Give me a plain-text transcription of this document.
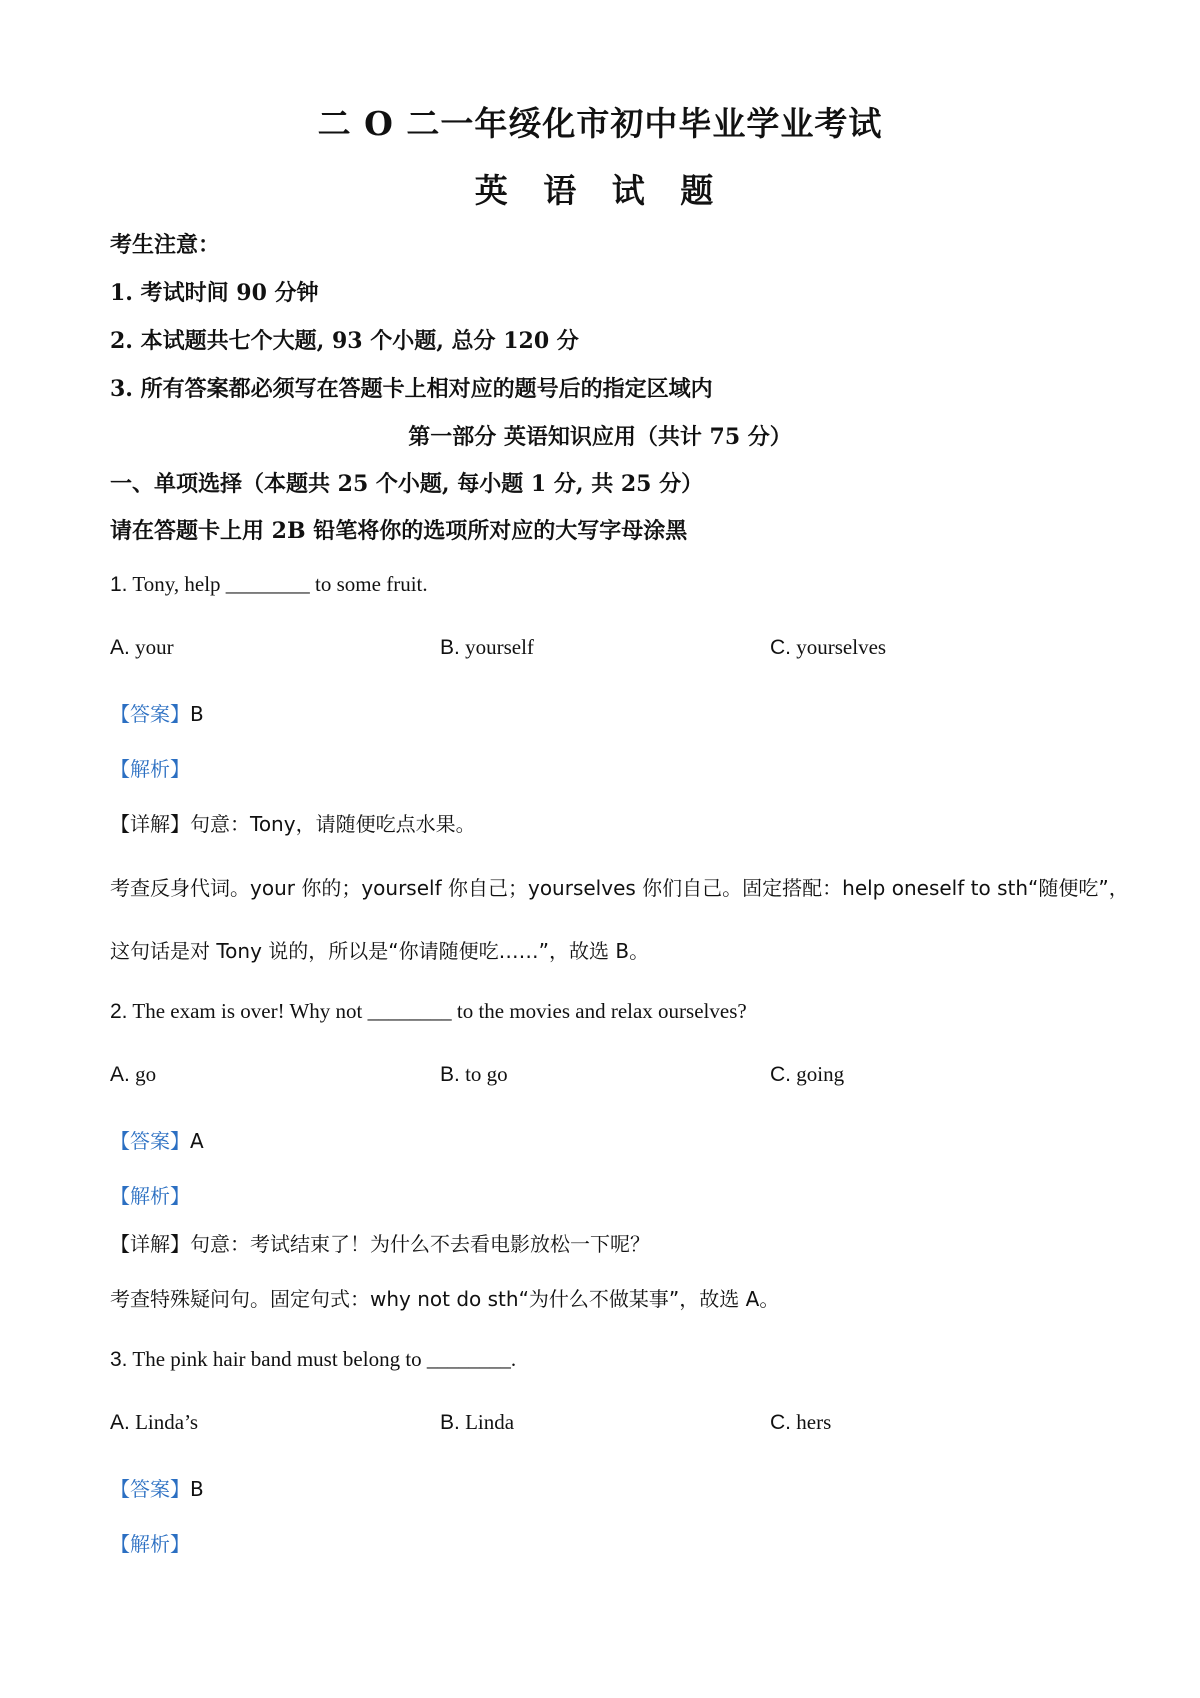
二 O 二一年绥化市初中毕业学业考试
英 语 试 题
考生注意：
1. 考试时间 90 分钟
2. 本试题共七个大题, 93 个小题, 总分 120 分
3. 所有答案都必须写在答题卡上相对应的题号后的指定区域内
第一部分 英语知识应用（共计 75 分）
一、单项选择（本题共 25 个小题, 每小题 1 分, 共 25 分）
请在答题卡上用 2B 铅笔将你的选项所对应的大写字母涂黑
1. Tony, help ________ to some fruit.
A. your	B. yourself	C. yourselves
【答案】B
【解析】
【详解】句意：Tony，请随便吃点水果。
考查反身代词。your 你的；yourself 你自己；yourselves 你们自己。固定搭配：help oneself to sth“随便吃”，
这句话是对 Tony 说的，所以是“你请随便吃……”，故选 B。
2. The exam is over! Why not ________ to the movies and relax ourselves?
A. go	B. to go	C. going
【答案】A
【解析】
【详解】句意：考试结束了！为什么不去看电影放松一下呢？
考查特殊疑问句。固定句式：why not do sth“为什么不做某事”，故选 A。
3. The pink hair band must belong to ________.
A. Linda’s	B. Linda	C. hers
【答案】B
【解析】
